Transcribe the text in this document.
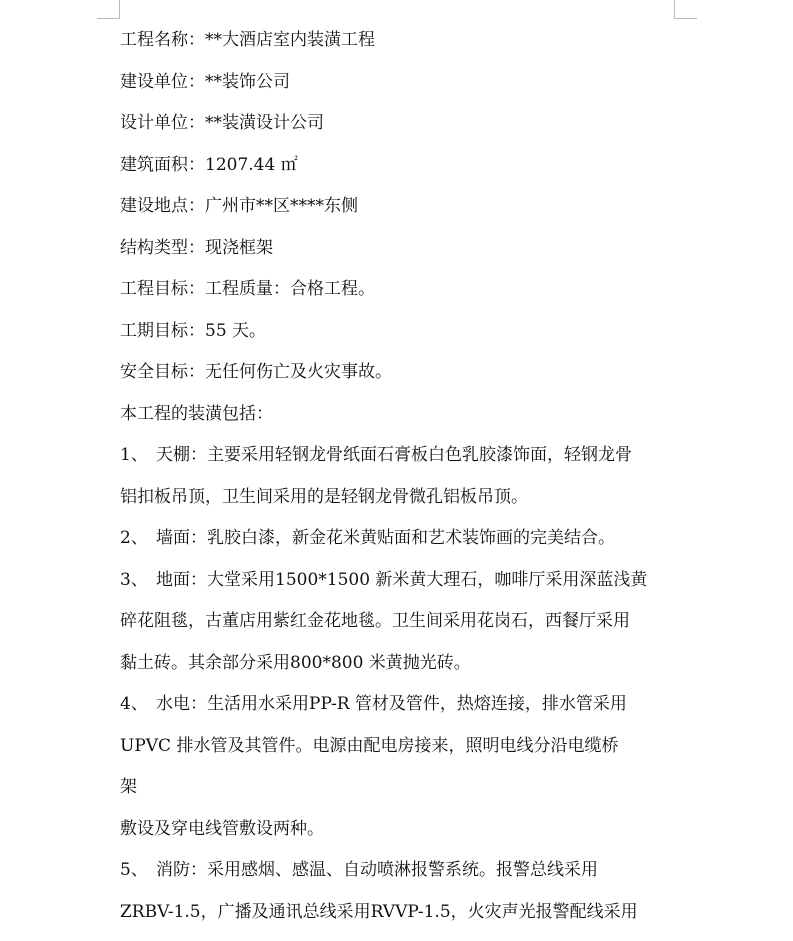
工程名称：**大酒店室内装潢工程
建设单位：**装饰公司
设计单位：**装潢设计公司
建筑面积：1207.44 ㎡
建设地点：广州市**区****东侧
结构类型：现浇框架
工程目标：工程质量：合格工程。
工期目标：55 天。
安全目标：无任何伤亡及火灾事故。
本工程的装潢包括：
1、 天棚：主要采用轻钢龙骨纸面石膏板白色乳胶漆饰面，轻钢龙骨
铝扣板吊顶，卫生间采用的是轻钢龙骨微孔铝板吊顶。
2、 墙面：乳胶白漆，新金花米黄贴面和艺术装饰画的完美结合。
3、 地面：大堂采用1500*1500 新米黄大理石，咖啡厅采用深蓝浅黄
碎花阻毯，古董店用紫红金花地毯。卫生间采用花岗石，西餐厅采用
黏土砖。其余部分采用800*800 米黄抛光砖。
4、 水电：生活用水采用PP-R 管材及管件，热熔连接，排水管采用
UPVC 排水管及其管件。电源由配电房接来，照明电线分沿电缆桥
架
敷设及穿电线管敷设两种。
5、 消防：采用感烟、感温、自动喷淋报警系统。报警总线采用
ZRBV-1.5，广播及通讯总线采用RVVP-1.5，火灾声光报警配线采用
